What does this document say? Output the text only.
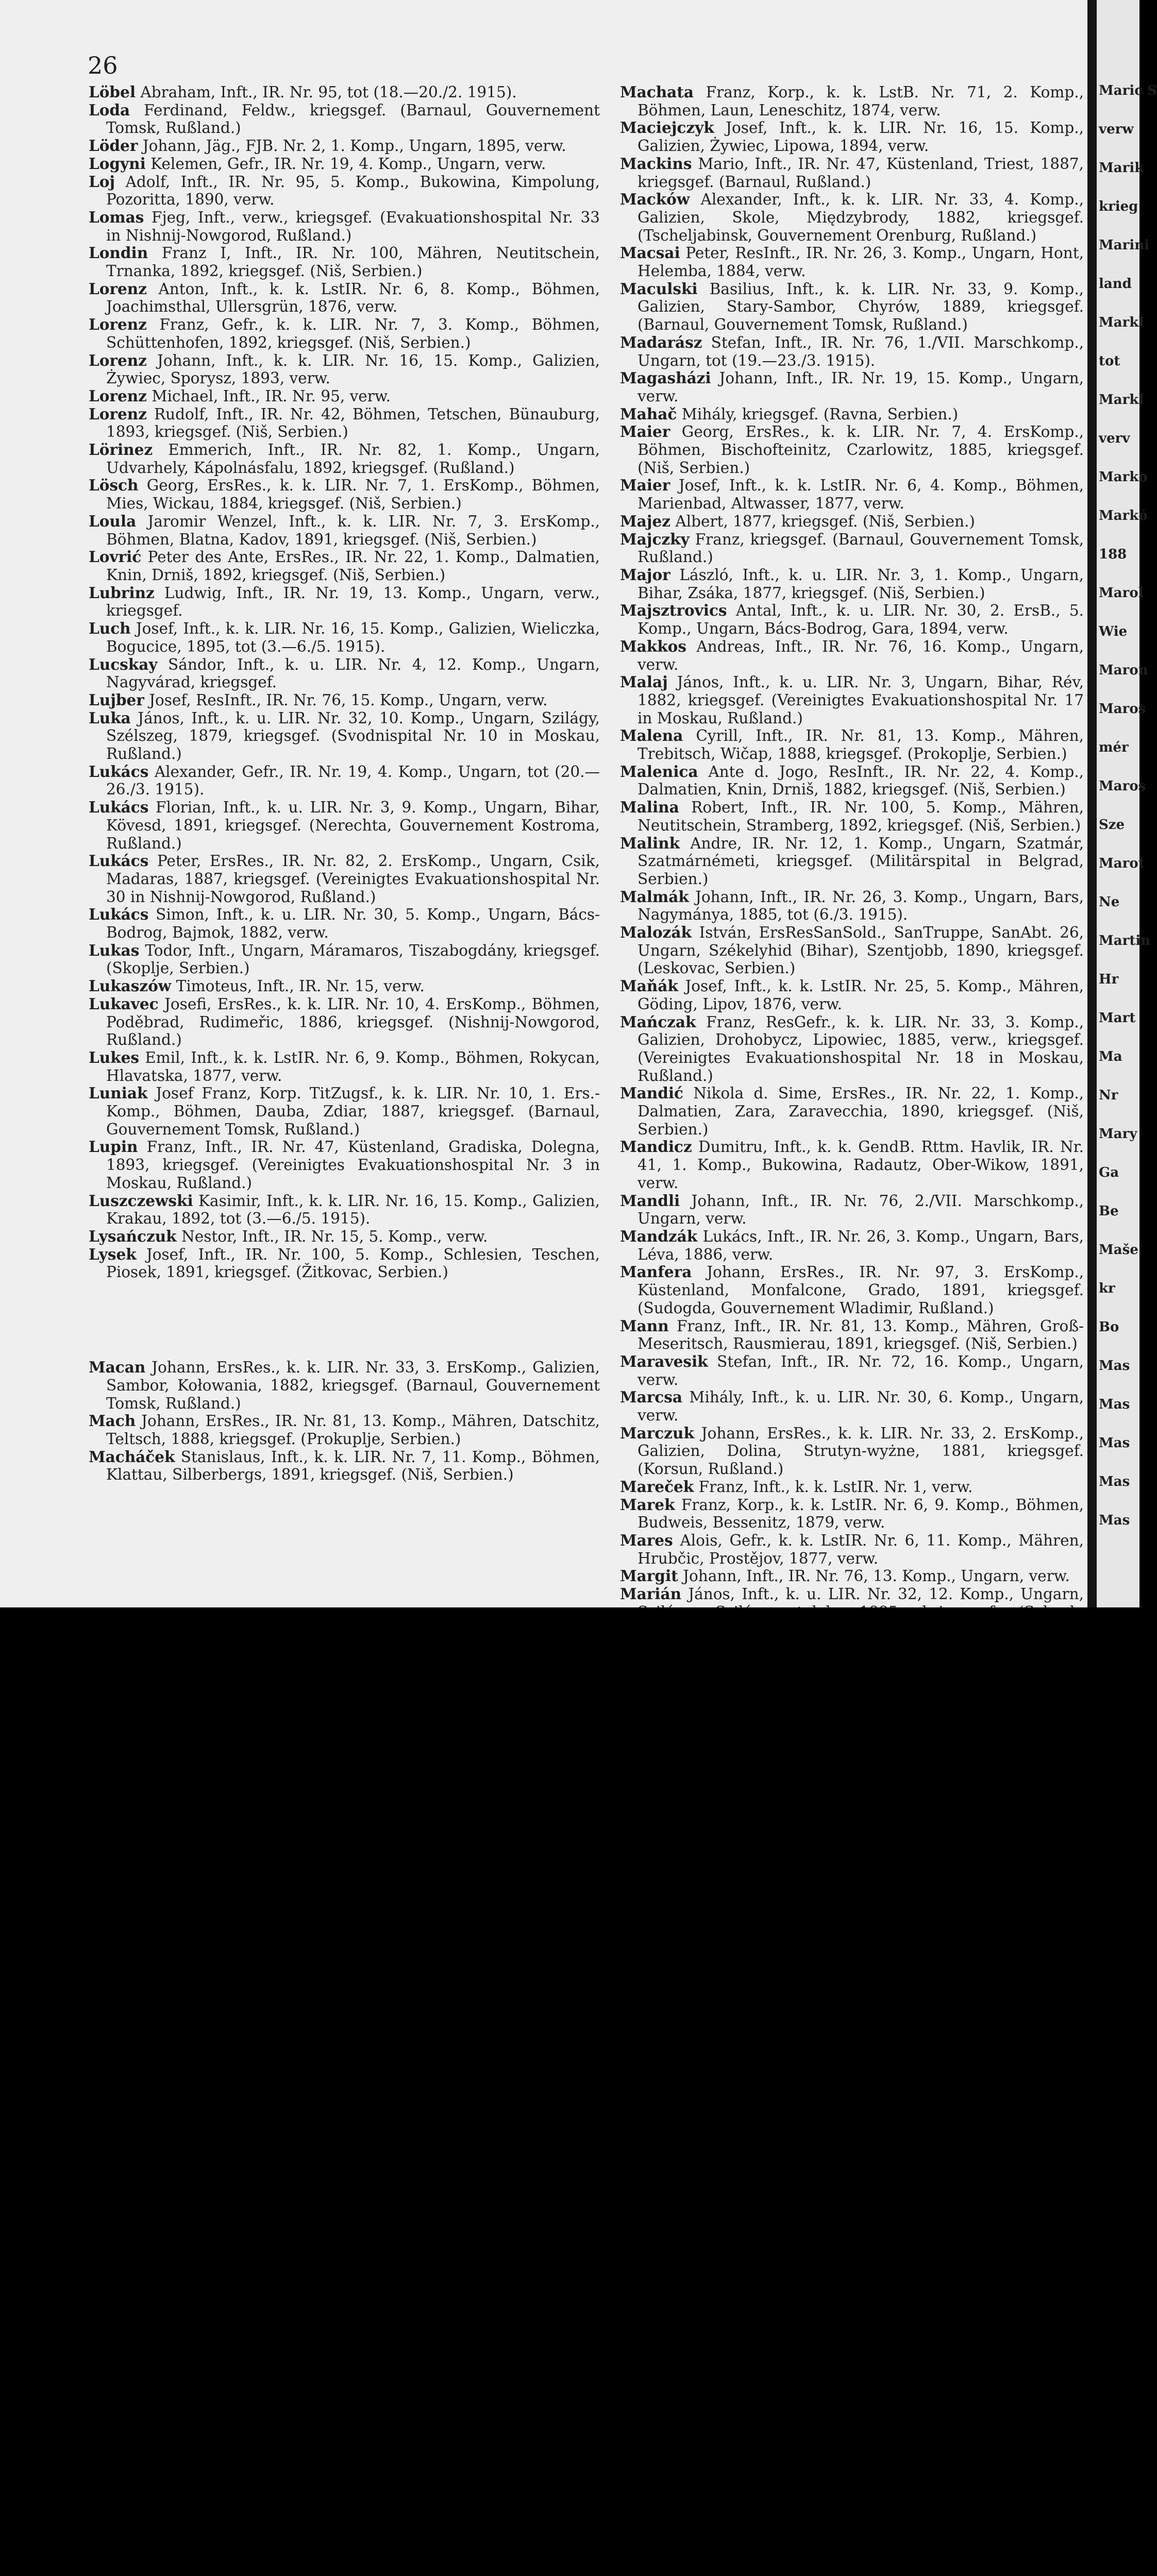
26
Löbel Abraham, Inft., IR. Nr. 95, tot (18.—20./2. 1915).
Loda Ferdinand, Feldw., kriegsgef. (Barnaul, Gouvernement Tomsk, Rußland.)
Löder Johann, Jäg., FJB. Nr. 2, 1. Komp., Ungarn, 1895, verw.
Logyni Kelemen, Gefr., IR. Nr. 19, 4. Komp., Ungarn, verw.
Loj Adolf, Inft., IR. Nr. 95, 5. Komp., Bukowina, Kimpolung, Pozoritta, 1890, verw.
Lomas Fjeg, Inft., verw., kriegsgef. (Evakuationshospital Nr. 33 in Nishnij-Nowgorod, Rußland.)
Londin Franz I, Inft., IR. Nr. 100, Mähren, Neutitschein, Trnanka, 1892, kriegsgef. (Niš, Serbien.)
Lorenz Anton, Inft., k. k. LstIR. Nr. 6, 8. Komp., Böhmen, Joachimsthal, Ullersgrün, 1876, verw.
Lorenz Franz, Gefr., k. k. LIR. Nr. 7, 3. Komp., Böhmen, Schüttenhofen, 1892, kriegsgef. (Niš, Serbien.)
Lorenz Johann, Inft., k. k. LIR. Nr. 16, 15. Komp., Galizien, Żywiec, Sporysz, 1893, verw.
Lorenz Michael, Inft., IR. Nr. 95, verw.
Lorenz Rudolf, Inft., IR. Nr. 42, Böhmen, Tetschen, Bünauburg, 1893, kriegsgef. (Niš, Serbien.)
Lörinez Emmerich, Inft., IR. Nr. 82, 1. Komp., Ungarn, Udvarhely, Kápolnásfalu, 1892, kriegsgef. (Rußland.)
Lösch Georg, ErsRes., k. k. LIR. Nr. 7, 1. ErsKomp., Böhmen, Mies, Wickau, 1884, kriegsgef. (Niš, Serbien.)
Loula Jaromir Wenzel, Inft., k. k. LIR. Nr. 7, 3. ErsKomp., Böhmen, Blatna, Kadov, 1891, kriegsgef. (Niš, Serbien.)
Lovrić Peter des Ante, ErsRes., IR. Nr. 22, 1. Komp., Dalmatien, Knin, Drniš, 1892, kriegsgef. (Niš, Serbien.)
Lubrinz Ludwig, Inft., IR. Nr. 19, 13. Komp., Ungarn, verw., kriegsgef.
Luch Josef, Inft., k. k. LIR. Nr. 16, 15. Komp., Galizien, Wieliczka, Bogucice, 1895, tot (3.—6./5. 1915).
Lucskay Sándor, Inft., k. u. LIR. Nr. 4, 12. Komp., Ungarn, Nagyvárad, kriegsgef.
Lujber Josef, ResInft., IR. Nr. 76, 15. Komp., Ungarn, verw.
Luka János, Inft., k. u. LIR. Nr. 32, 10. Komp., Ungarn, Szilágy, Szélszeg, 1879, kriegsgef. (Svodnispital Nr. 10 in Moskau, Rußland.)
Lukács Alexander, Gefr., IR. Nr. 19, 4. Komp., Ungarn, tot (20.—26./3. 1915).
Lukács Florian, Inft., k. u. LIR. Nr. 3, 9. Komp., Ungarn, Bihar, Kövesd, 1891, kriegsgef. (Nerechta, Gouvernement Kostroma, Rußland.)
Lukács Peter, ErsRes., IR. Nr. 82, 2. ErsKomp., Ungarn, Csik, Madaras, 1887, kriegsgef. (Vereinigtes Evakuationshospital Nr. 30 in Nishnij-Nowgorod, Rußland.)
Lukács Simon, Inft., k. u. LIR. Nr. 30, 5. Komp., Ungarn, Bács-Bodrog, Bajmok, 1882, verw.
Lukas Todor, Inft., Ungarn, Máramaros, Tiszabogdány, kriegsgef. (Skoplje, Serbien.)
Lukaszów Timoteus, Inft., IR. Nr. 15, verw.
Lukavec Josefi, ErsRes., k. k. LIR. Nr. 10, 4. ErsKomp., Böhmen, Poděbrad, Rudimeřic, 1886, kriegsgef. (Nishnij-Nowgorod, Rußland.)
Lukes Emil, Inft., k. k. LstIR. Nr. 6, 9. Komp., Böhmen, Rokycan, Hlavatska, 1877, verw.
Luniak Josef Franz, Korp. TitZugsf., k. k. LIR. Nr. 10, 1. Ers.-Komp., Böhmen, Dauba, Zdiar, 1887, kriegsgef. (Barnaul, Gouvernement Tomsk, Rußland.)
Lupin Franz, Inft., IR. Nr. 47, Küstenland, Gradiska, Dolegna, 1893, kriegsgef. (Vereinigtes Evakuationshospital Nr. 3 in Moskau, Rußland.)
Luszczewski Kasimir, Inft., k. k. LIR. Nr. 16, 15. Komp., Galizien, Krakau, 1892, tot (3.—6./5. 1915).
Lysańczuk Nestor, Inft., IR. Nr. 15, 5. Komp., verw.
Lysek Josef, Inft., IR. Nr. 100, 5. Komp., Schlesien, Teschen, Piosek, 1891, kriegsgef. (Žitkovac, Serbien.)
Macan Johann, ErsRes., k. k. LIR. Nr. 33, 3. ErsKomp., Galizien, Sambor, Kołowania, 1882, kriegsgef. (Barnaul, Gouvernement Tomsk, Rußland.)
Mach Johann, ErsRes., IR. Nr. 81, 13. Komp., Mähren, Datschitz, Teltsch, 1888, kriegsgef. (Prokuplje, Serbien.)
Macháček Stanislaus, Inft., k. k. LIR. Nr. 7, 11. Komp., Böhmen, Klattau, Silberbergs, 1891, kriegsgef. (Niš, Serbien.)
Machata Franz, Korp., k. k. LstB. Nr. 71, 2. Komp., Böhmen, Laun, Leneschitz, 1874, verw.
Maciejczyk Josef, Inft., k. k. LIR. Nr. 16, 15. Komp., Galizien, Żywiec, Lipowa, 1894, verw.
Mackins Mario, Inft., IR. Nr. 47, Küstenland, Triest, 1887, kriegsgef. (Barnaul, Rußland.)
Macków Alexander, Inft., k. k. LIR. Nr. 33, 4. Komp., Galizien, Skole, Międzybrody, 1882, kriegsgef. (Tscheljabinsk, Gouvernement Orenburg, Rußland.)
Macsai Peter, ResInft., IR. Nr. 26, 3. Komp., Ungarn, Hont, Helemba, 1884, verw.
Maculski Basilius, Inft., k. k. LIR. Nr. 33, 9. Komp., Galizien, Stary-Sambor, Chyrów, 1889, kriegsgef. (Barnaul, Gouvernement Tomsk, Rußland.)
Madarász Stefan, Inft., IR. Nr. 76, 1./VII. Marschkomp., Ungarn, tot (19.—23./3. 1915).
Magasházi Johann, Inft., IR. Nr. 19, 15. Komp., Ungarn, verw.
Mahač Mihály, kriegsgef. (Ravna, Serbien.)
Maier Georg, ErsRes., k. k. LIR. Nr. 7, 4. ErsKomp., Böhmen, Bischofteinitz, Czarlowitz, 1885, kriegsgef. (Niš, Serbien.)
Maier Josef, Inft., k. k. LstIR. Nr. 6, 4. Komp., Böhmen, Marienbad, Altwasser, 1877, verw.
Majez Albert, 1877, kriegsgef. (Niš, Serbien.)
Majczky Franz, kriegsgef. (Barnaul, Gouvernement Tomsk, Rußland.)
Major László, Inft., k. u. LIR. Nr. 3, 1. Komp., Ungarn, Bihar, Zsáka, 1877, kriegsgef. (Niš, Serbien.)
Majsztrovics Antal, Inft., k. u. LIR. Nr. 30, 2. ErsB., 5. Komp., Ungarn, Bács-Bodrog, Gara, 1894, verw.
Makkos Andreas, Inft., IR. Nr. 76, 16. Komp., Ungarn, verw.
Malaj János, Inft., k. u. LIR. Nr. 3, Ungarn, Bihar, Rév, 1882, kriegsgef. (Vereinigtes Evakuationshospital Nr. 17 in Moskau, Rußland.)
Malena Cyrill, Inft., IR. Nr. 81, 13. Komp., Mähren, Trebitsch, Wičap, 1888, kriegsgef. (Prokoplje, Serbien.)
Malenica Ante d. Jogo, ResInft., IR. Nr. 22, 4. Komp., Dalmatien, Knin, Drniš, 1882, kriegsgef. (Niš, Serbien.)
Malina Robert, Inft., IR. Nr. 100, 5. Komp., Mähren, Neutitschein, Stramberg, 1892, kriegsgef. (Niš, Serbien.)
Malink Andre, IR. Nr. 12, 1. Komp., Ungarn, Szatmár, Szatmárnémeti, kriegsgef. (Militärspital in Belgrad, Serbien.)
Malmák Johann, Inft., IR. Nr. 26, 3. Komp., Ungarn, Bars, Nagymánya, 1885, tot (6./3. 1915).
Malozák István, ErsResSanSold., SanTruppe, SanAbt. 26, Ungarn, Székelyhid (Bihar), Szentjobb, 1890, kriegsgef. (Leskovac, Serbien.)
Maňák Josef, Inft., k. k. LstIR. Nr. 25, 5. Komp., Mähren, Göding, Lipov, 1876, verw.
Mańczak Franz, ResGefr., k. k. LIR. Nr. 33, 3. Komp., Galizien, Drohobycz, Lipowiec, 1885, verw., kriegsgef. (Vereinigtes Evakuationshospital Nr. 18 in Moskau, Rußland.)
Mandić Nikola d. Sime, ErsRes., IR. Nr. 22, 1. Komp., Dalmatien, Zara, Zaravecchia, 1890, kriegsgef. (Niš, Serbien.)
Mandicz Dumitru, Inft., k. k. GendB. Rttm. Havlik, IR. Nr. 41, 1. Komp., Bukowina, Radautz, Ober-Wikow, 1891, verw.
Mandli Johann, Inft., IR. Nr. 76, 2./VII. Marschkomp., Ungarn, verw.
Mandzák Lukács, Inft., IR. Nr. 26, 3. Komp., Ungarn, Bars, Léva, 1886, verw.
Manfera Johann, ErsRes., IR. Nr. 97, 3. ErsKomp., Küstenland, Monfalcone, Grado, 1891, kriegsgef. (Sudogda, Gouvernement Wladimir, Rußland.)
Mann Franz, Inft., IR. Nr. 81, 13. Komp., Mähren, Groß-Meseritsch, Rausmierau, 1891, kriegsgef. (Niš, Serbien.)
Maravesik Stefan, Inft., IR. Nr. 72, 16. Komp., Ungarn, verw.
Marcsa Mihály, Inft., k. u. LIR. Nr. 30, 6. Komp., Ungarn, verw.
Marczuk Johann, ErsRes., k. k. LIR. Nr. 33, 2. ErsKomp., Galizien, Dolina, Strutyn-wyżne, 1881, kriegsgef. (Korsun, Rußland.)
Mareček Franz, Inft., k. k. LstIR. Nr. 1, verw.
Marek Franz, Korp., k. k. LstIR. Nr. 6, 9. Komp., Böhmen, Budweis, Bessenitz, 1879, verw.
Mares Alois, Gefr., k. k. LstIR. Nr. 6, 11. Komp., Mähren, Hrubčic, Prostějov, 1877, verw.
Margit Johann, Inft., IR. Nr. 76, 13. Komp., Ungarn, verw.
Marián János, Inft., k. u. LIR. Nr. 32, 12. Komp., Ungarn,
Maric S
verw
Marik
krieg
Marini
land
Markl
tot
Markl
verv
Marko
Markó
188
Marol
Wie
Maron
Maros
mér
Maros
Sze
Marot
Ne
Martin
Hr
Mart
Ma
Nr
Mary
Ga
Be
Maše
kr
Bo
Mas
Mas
Mas
Mas
Mas
